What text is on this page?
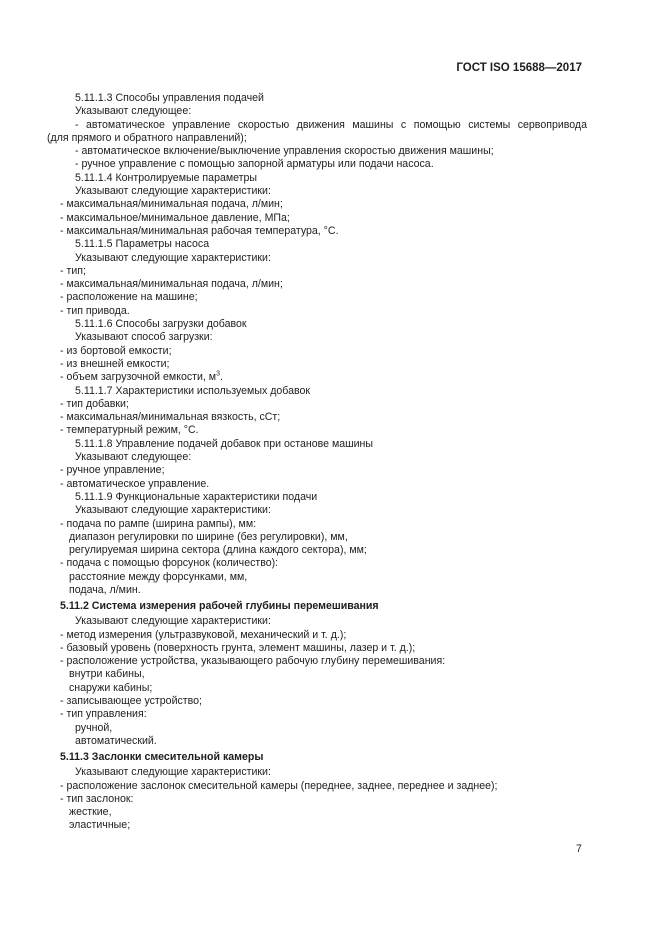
ГОСТ ISO 15688—2017
5.11.1.3 Способы управления подачей
Указывают следующее:
- автоматическое управление скоростью движения машины с помощью системы сервопривода
(для прямого и обратного направлений);
- автоматическое включение/выключение управления скоростью движения машины;
- ручное управление с помощью запорной арматуры или подачи насоса.
5.11.1.4 Контролируемые параметры
Указывают следующие характеристики:
- максимальная/минимальная подача, л/мин;
- максимальное/минимальное давление, МПа;
- максимальная/минимальная рабочая температура, °C.
5.11.1.5 Параметры насоса
Указывают следующие характеристики:
- тип;
- максимальная/минимальная подача, л/мин;
- расположение на машине;
- тип привода.
5.11.1.6 Способы загрузки добавок
Указывают способ загрузки:
- из бортовой емкости;
- из внешней емкости;
- объем загрузочной емкости, $м^3$.
5.11.1.7 Характеристики используемых добавок
- тип добавки;
- максимальная/минимальная вязкость, сСт;
- температурный режим, °C.
5.11.1.8 Управление подачей добавок при останове машины
Указывают следующее:
- ручное управление;
- автоматическое управление.
5.11.1.9 Функциональные характеристики подачи
Указывают следующие характеристики:
- подача по рампе (ширина рампы), мм:
диапазон регулировки по ширине (без регулировки), мм,
регулируемая ширина сектора (длина каждого сектора), мм;
- подача с помощью форсунок (количество):
расстояние между форсунками, мм,
подача, л/мин.
5.11.2 Система измерения рабочей глубины перемешивания
Указывают следующие характеристики:
- метод измерения (ультразвуковой, механический и т. д.);
- базовый уровень (поверхность грунта, элемент машины, лазер и т. д.);
- расположение устройства, указывающего рабочую глубину перемешивания:
внутри кабины,
снаружи кабины;
- записывающее устройство;
- тип управления:
ручной,
автоматический.
5.11.3 Заслонки смесительной камеры
Указывают следующие характеристики:
- расположение заслонок смесительной камеры (переднее, заднее, переднее и заднее);
- тип заслонок:
жесткие,
эластичные;
7
